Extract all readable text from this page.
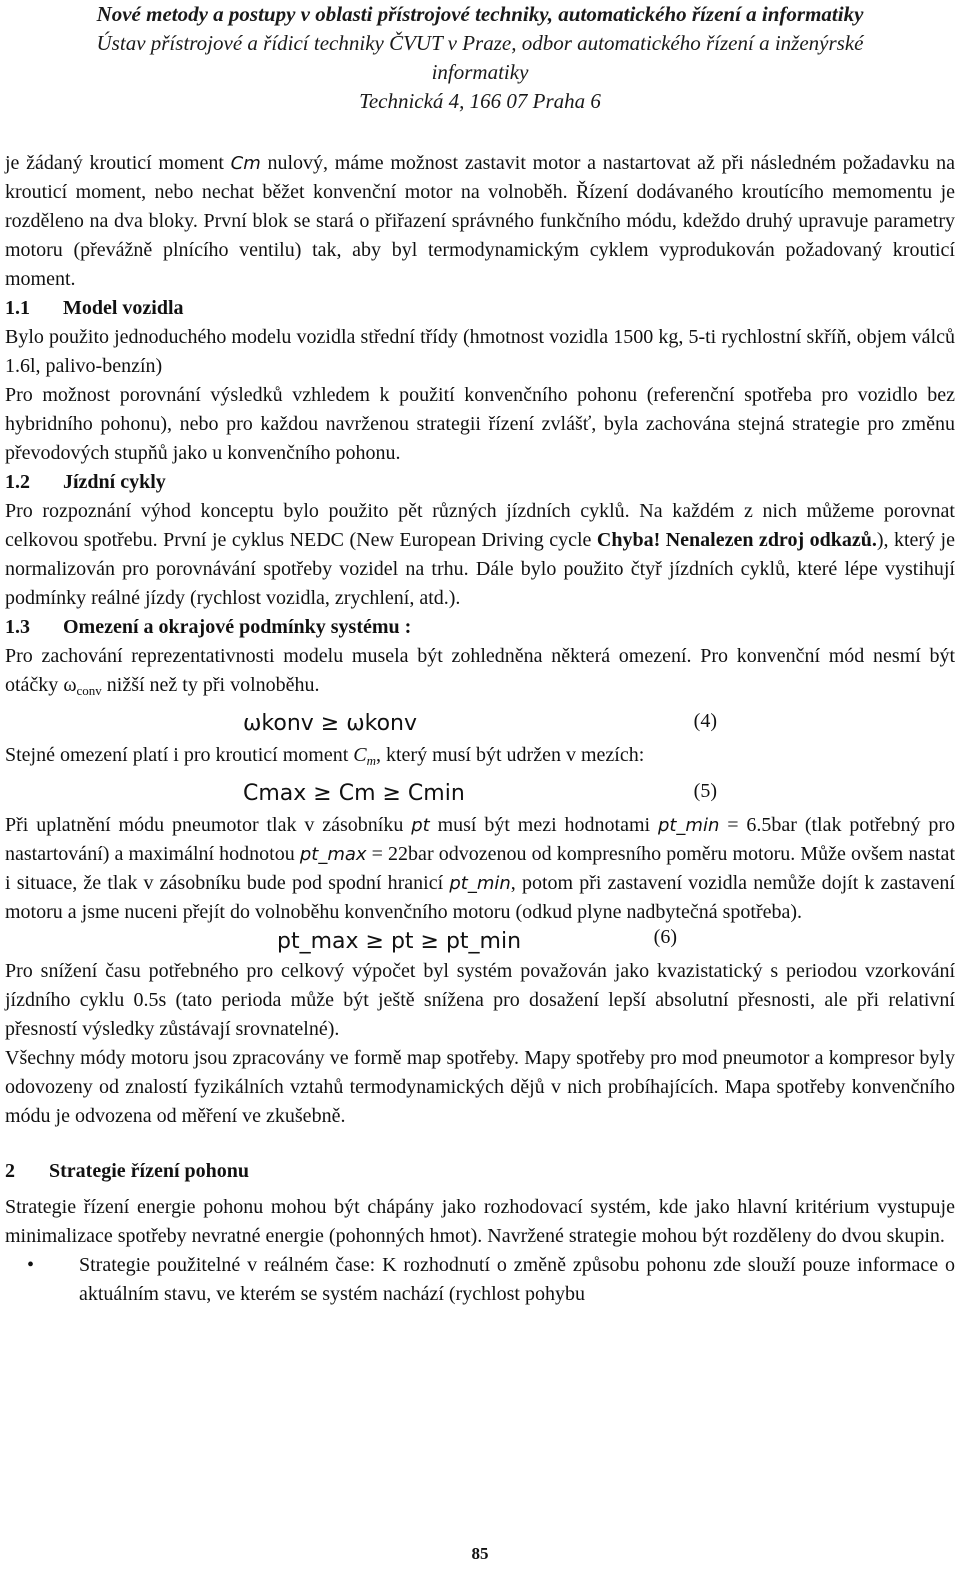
Nové metody a postupy v oblasti přístrojové techniky, automatického řízení a informatiky
Ústav přístrojové a řídicí techniky ČVUT v Praze, odbor automatického řízení a inženýrské
informatiky
Technická 4, 166 07 Praha 6

je žádaný krouticí moment Cm nulový, máme možnost zastavit motor a nastartovat až při následném požadavku na krouticí moment, nebo nechat běžet konvenční motor na volnoběh. Řízení dodávaného kroutícího memomentu je rozděleno na dva bloky. První blok se stará o přiřazení správného funkčního módu, kdeždo druhý upravuje parametry motoru (převážně plnícího ventilu) tak, aby byl termodynamickým cyklem vyprodukován požadovaný krouticí moment.

1.1 Model vozidla

Bylo použito jednoduchého modelu vozidla střední třídy (hmotnost vozidla 1500 kg, 5-ti rychlostní skříň, objem válců 1.6l, palivo-benzín)

Pro možnost porovnání výsledků vzhledem k použití konvenčního pohonu (referenční spotřeba pro vozidlo bez hybridního pohonu), nebo pro každou navrženou strategii řízení zvlášť, byla zachována stejná strategie pro změnu převodových stupňů jako u konvenčního pohonu.

1.2 Jízdní cykly

Pro rozpoznání výhod konceptu bylo použito pět různých jízdních cyklů. Na každém z nich můžeme porovnat celkovou spotřebu. První je cyklus NEDC (New European Driving cycle Chyba! Nenalezen zdroj odkazů.), který je normalizován pro porovnávání spotřeby vozidel na trhu. Dále bylo použito čtyř jízdních cyklů, které lépe vystihují podmínky reálné jízdy (rychlost vozidla, zrychlení, atd.).

1.3 Omezení a okrajové podmínky systému :

Pro zachování reprezentativnosti modelu musela být zohledněna některá omezení. Pro konvenční mód nesmí být otáčky $\omega_{conv}$ nižší než ty při volnoběhu.

ωkonv ≥ ωkonv	(4)

Stejné omezení platí i pro krouticí moment $C_m$, který musí být udržen v mezích:

Cmax ≥ Cm ≥ Cmin	(5)

Při uplatnění módu pneumotor tlak v zásobníku pt musí být mezi hodnotami pt_min = 6.5bar (tlak potřebný pro nastartování) a maximální hodnotou pt_max = 22bar odvozenou od kompresního poměru motoru. Může ovšem nastat i situace, že tlak v zásobníku bude pod spodní hranicí pt_min, potom při zastavení vozidla nemůže dojít k zastavení motoru a jsme nuceni přejít do volnoběhu konvenčního motoru (odkud plyne nadbytečná spotřeba).

pt_max ≥ pt ≥ pt_min	(6)

Pro snížení času potřebného pro celkový výpočet byl systém považován jako kvazistatický s periodou vzorkování jízdního cyklu 0.5s (tato perioda může být ještě snížena pro dosažení lepší absolutní přesnosti, ale při relativní přesností výsledky zůstávají srovnatelné).

Všechny módy motoru jsou zpracovány ve formě map spotřeby. Mapy spotřeby pro mod pneumotor a kompresor byly odovozeny od znalostí fyzikálních vztahů termodynamických dějů v nich probíhajících. Mapa spotřeby konvenčního módu je odvozena od měření ve zkušebně.

2 Strategie řízení pohonu

Strategie řízení energie pohonu mohou být chápány jako rozhodovací systém, kde jako hlavní kritérium vystupuje minimalizace spotřeby nevratné energie (pohonných hmot). Navržené strategie mohou být rozděleny do dvou skupin.

• Strategie použitelné v reálném čase: K rozhodnutí o změně způsobu pohonu zde slouží pouze informace o aktuálním stavu, ve kterém se systém nachází (rychlost pohybu
85
